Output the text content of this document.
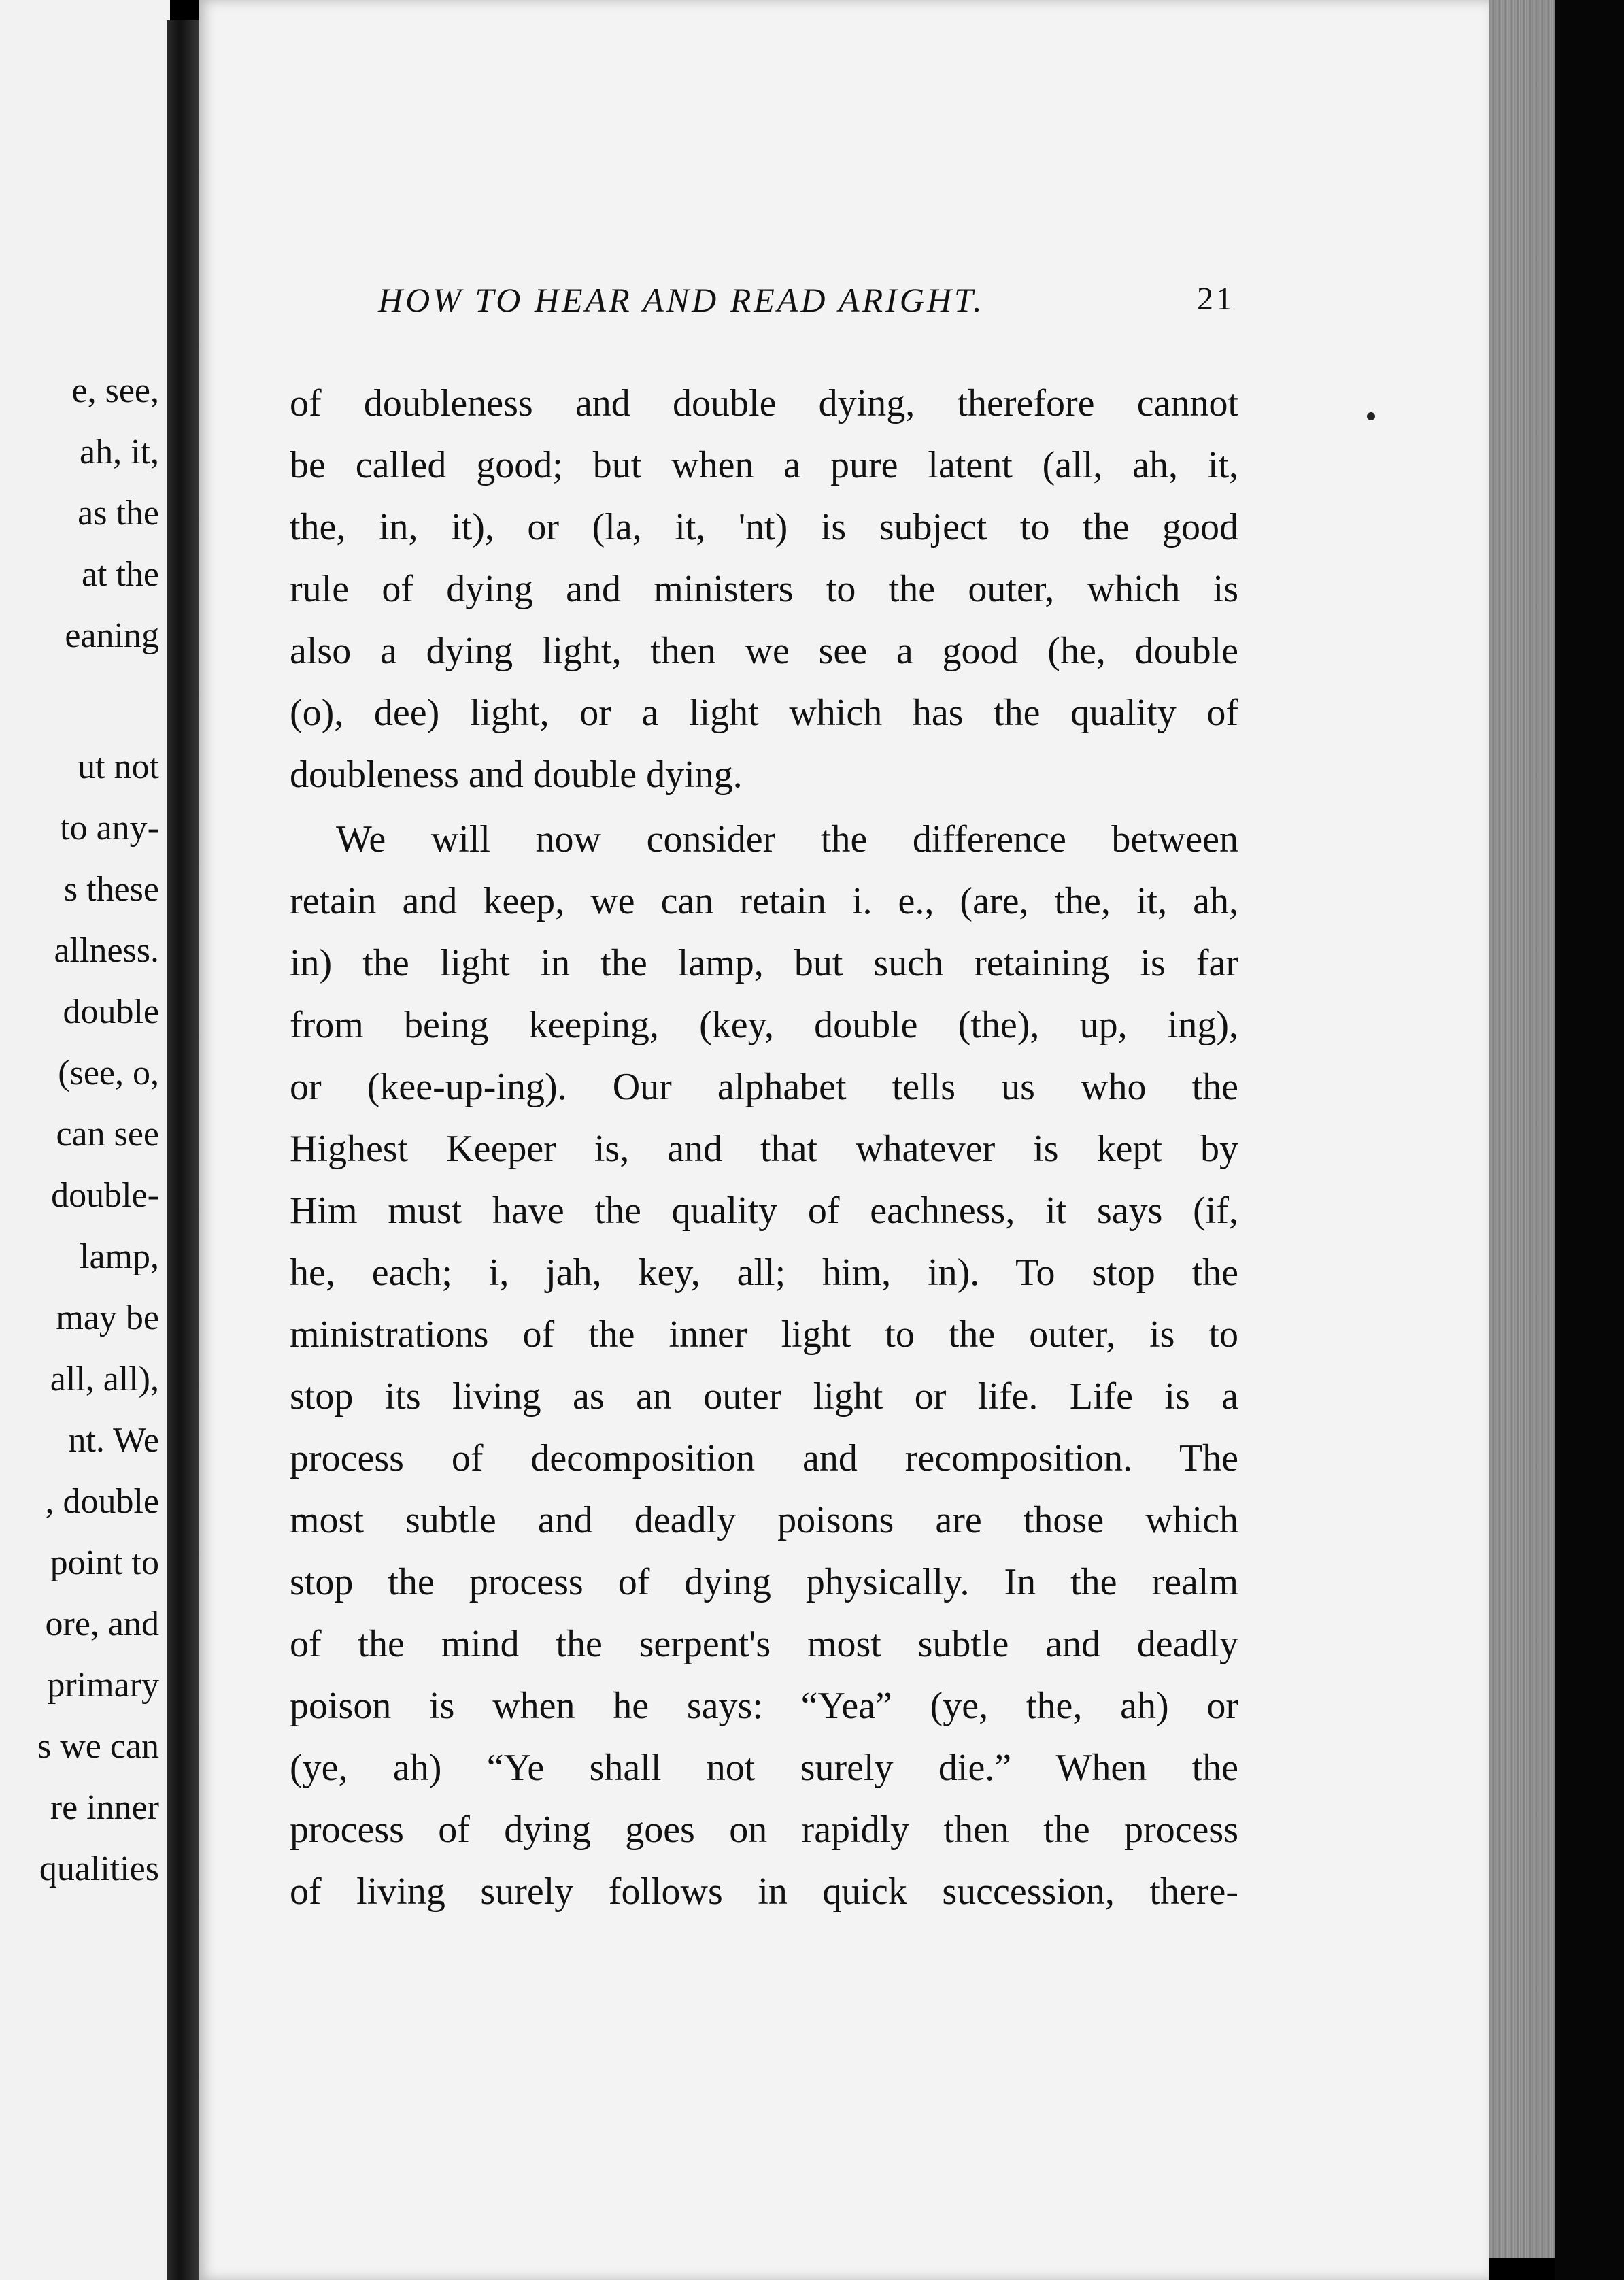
e, see,
ah, it,
as the
at the
eaning
ut not
to any-
s these
allness.
double
(see, o,
can see
double-
lamp,
may be
all, all),
nt. We
, double
point to
ore, and
primary
s we can
re inner
qualities
HOW TO HEAR AND READ ARIGHT.	21
of doubleness and double dying, therefore cannot
be called good; but when a pure latent (all, ah, it,
the, in, it), or (la, it, 'nt) is subject to the good
rule of dying and ministers to the outer, which is
also a dying light, then we see a good (he, double
(o), dee) light, or a light which has the quality of
doubleness and double dying.
We will now consider the difference between
retain and keep, we can retain i. e., (are, the, it, ah,
in) the light in the lamp, but such retaining is far
from being keeping, (key, double (the), up, ing),
or (kee-up-ing). Our alphabet tells us who the
Highest Keeper is, and that whatever is kept by
Him must have the quality of eachness, it says (if,
he, each; i, jah, key, all; him, in). To stop the
ministrations of the inner light to the outer, is to
stop its living as an outer light or life. Life is a
process of decomposition and recomposition. The
most subtle and deadly poisons are those which
stop the process of dying physically. In the realm
of the mind the serpent's most subtle and deadly
poison is when he says: “Yea” (ye, the, ah) or
(ye, ah) “Ye shall not surely die.” When the
process of dying goes on rapidly then the process
of living surely follows in quick succession, there-
